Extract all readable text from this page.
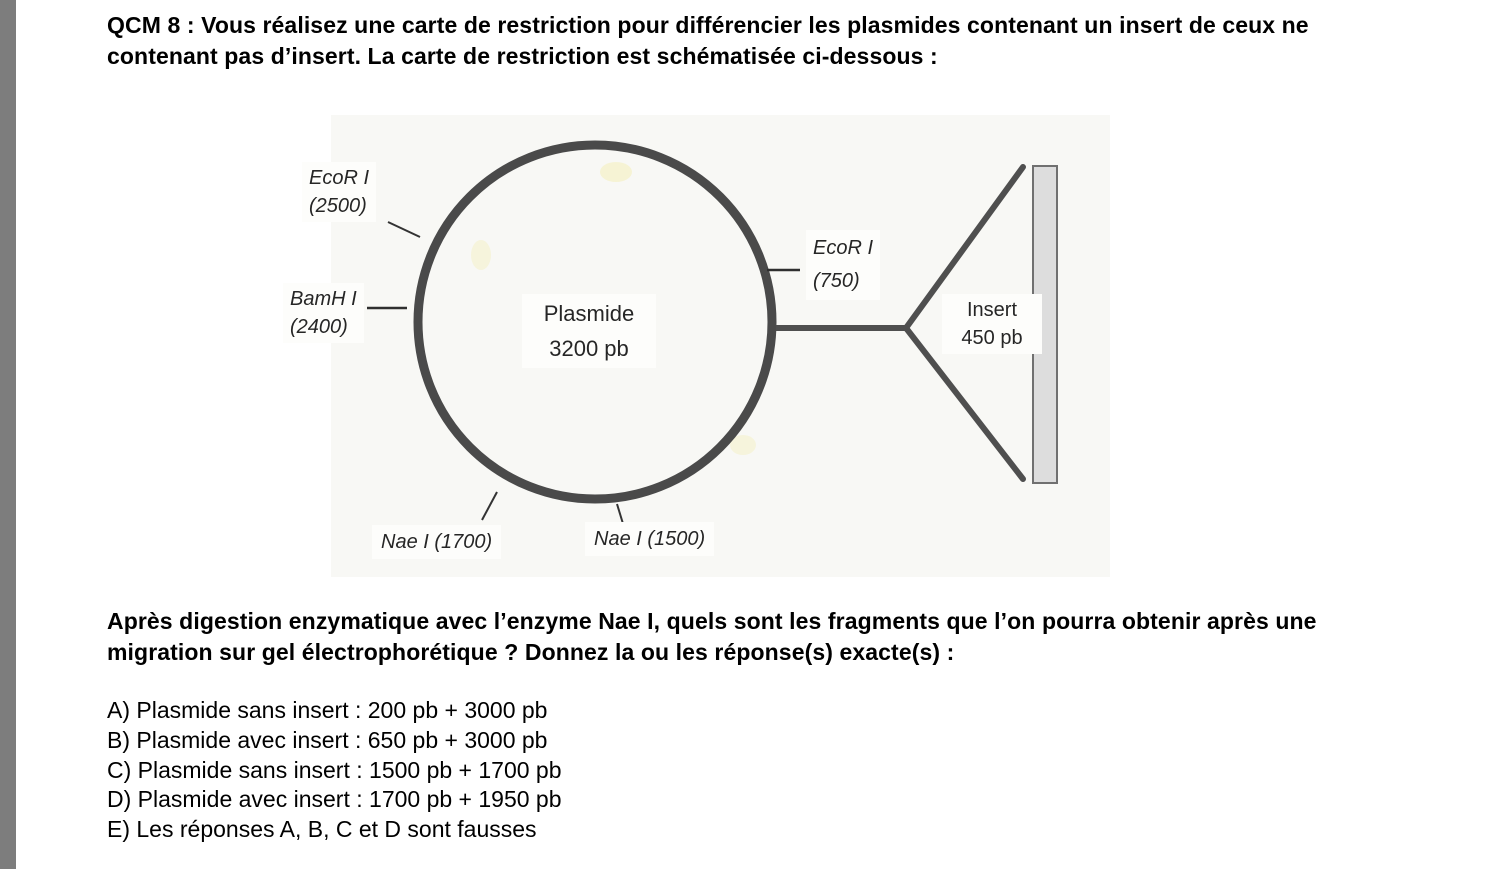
QCM 8 : Vous réalisez une carte de restriction pour différencier les plasmides contenant un insert de ceux ne
contenant pas d’insert. La carte de restriction est schématisée ci-dessous :
EcoR I
(2500)
BamH I
(2400)
EcoR I
(750)
Plasmide
3200 pb
Insert
450 pb
Nae I (1700)	Nae I (1500)
Après digestion enzymatique avec l’enzyme Nae I, quels sont les fragments que l’on pourra obtenir après une
migration sur gel électrophorétique ? Donnez la ou les réponse(s) exacte(s) :
A) Plasmide sans insert : 200 pb + 3000 pb
B) Plasmide avec insert : 650 pb + 3000 pb
C) Plasmide sans insert : 1500 pb + 1700 pb
D) Plasmide avec insert : 1700 pb + 1950 pb
E) Les réponses A, B, C et D sont fausses
